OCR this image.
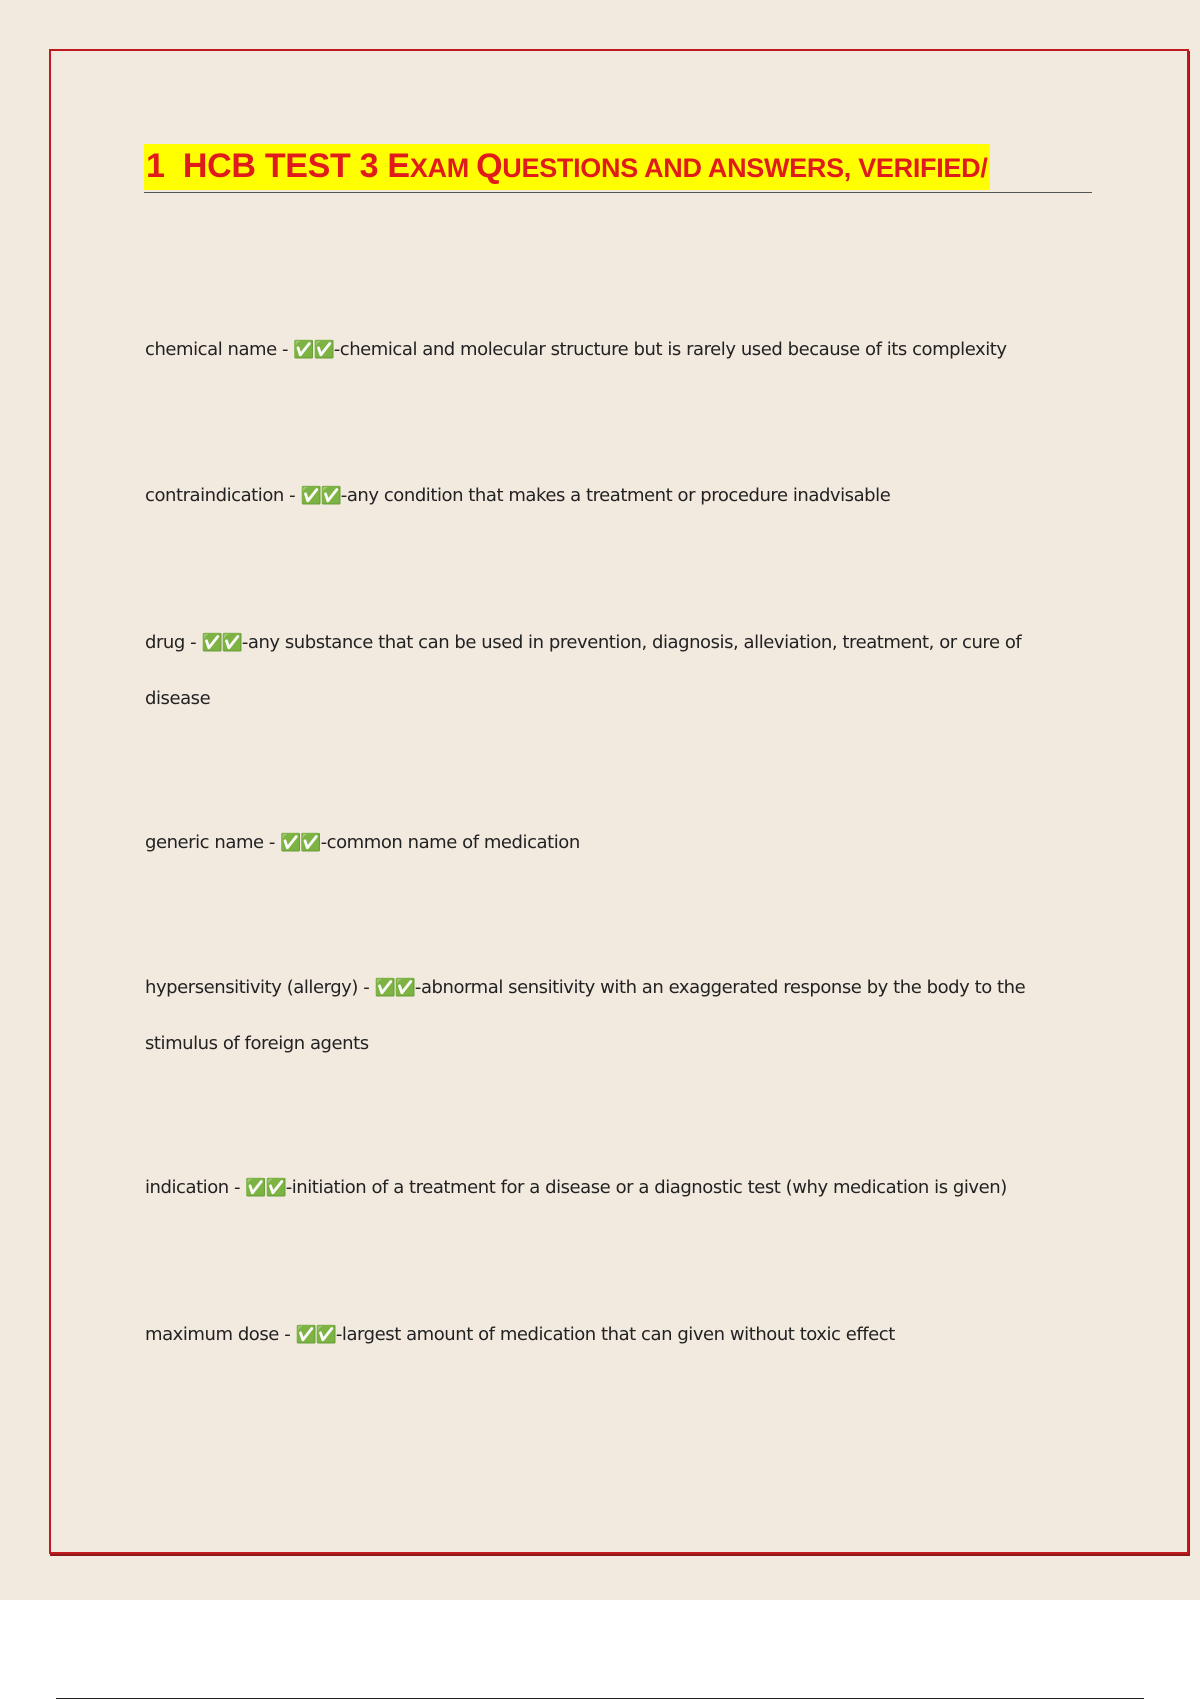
1 HCB TEST 3 EXAM QUESTIONS AND ANSWERS, VERIFIED/
chemical name - ✅✅-chemical and molecular structure but is rarely used because of its complexity
contraindication - ✅✅-any condition that makes a treatment or procedure inadvisable
drug - ✅✅-any substance that can be used in prevention, diagnosis, alleviation, treatment, or cure of
disease
generic name - ✅✅-common name of medication
hypersensitivity (allergy) - ✅✅-abnormal sensitivity with an exaggerated response by the body to the
stimulus of foreign agents
indication - ✅✅-initiation of a treatment for a disease or a diagnostic test (why medication is given)
maximum dose - ✅✅-largest amount of medication that can given without toxic effect
